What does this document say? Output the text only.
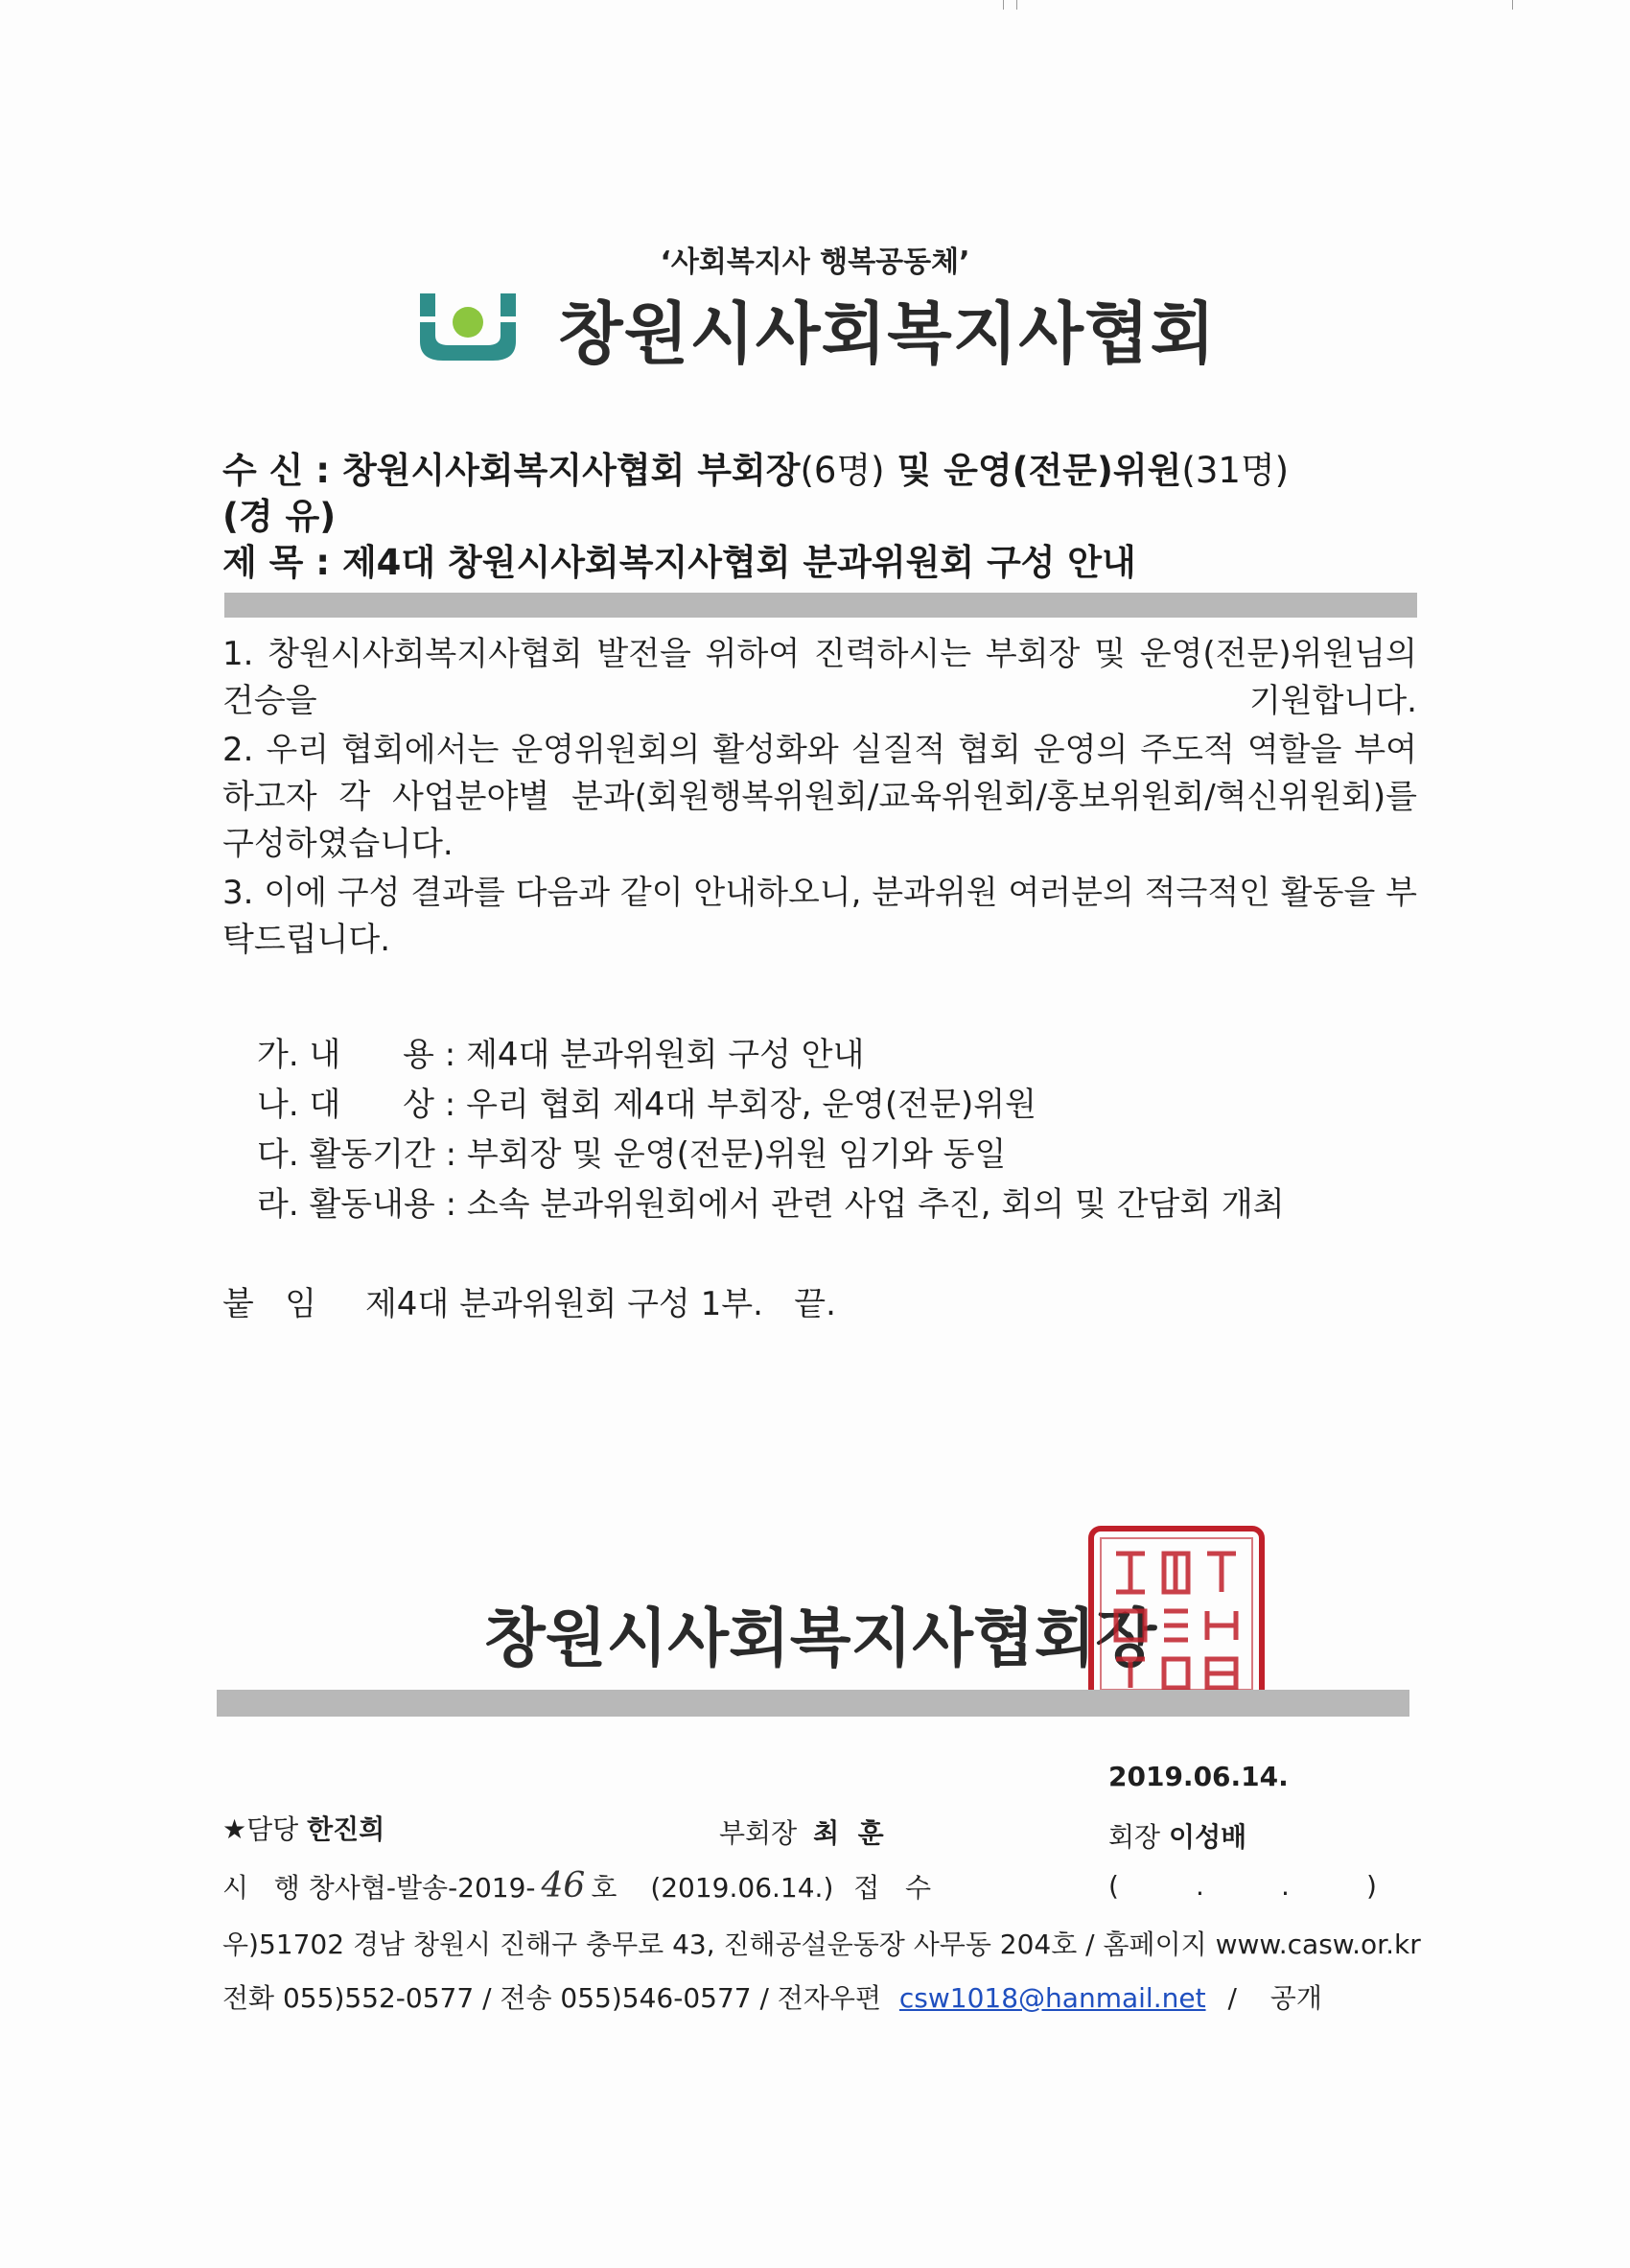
‘사회복지사 행복공동체’
창원시사회복지사협회
수 신 : 창원시사회복지사협회 부회장(6명) 및 운영(전문)위원(31명)
(경 유)
제 목 : 제4대 창원시사회복지사협회 분과위원회 구성 안내
1. 창원시사회복지사협회 발전을 위하여 진력하시는 부회장 및 운영(전문)위원님의 건승을 기원합니다.
2. 우리 협회에서는 운영위원회의 활성화와 실질적 협회 운영의 주도적 역할을 부여하고자 각 사업분야별 분과(회원행복위원회/교육위원회/홍보위원회/혁신위원회)를 구성하였습니다.
3. 이에 구성 결과를 다음과 같이 안내하오니, 분과위원 여러분의 적극적인 활동을 부탁드립니다.
가. 내      용 : 제4대 분과위원회 구성 안내
나. 대      상 : 우리 협회 제4대 부회장, 운영(전문)위원
다. 활동기간 : 부회장 및 운영(전문)위원 임기와 동일
라. 활동내용 : 소속 분과위원회에서 관련 사업 추진, 회의 및 간담회 개최
붙   임 제4대 분과위원회 구성 1부.   끝.
창원시사회복지사협회장
2019.06.14.
★담당 한진희	부회장 최  훈	회장 이성배
시   행 창사협-발송-2019- 46 호 (2019.06.14.) 접   수	(         .         .         )
우)51702 경남 창원시 진해구 충무로 43, 진해공설운동장 사무동 204호 / 홈페이지 www.casw.or.kr
전화 055)552-0577 / 전송 055)546-0577 / 전자우편 csw1018@hanmail.net / 공개
